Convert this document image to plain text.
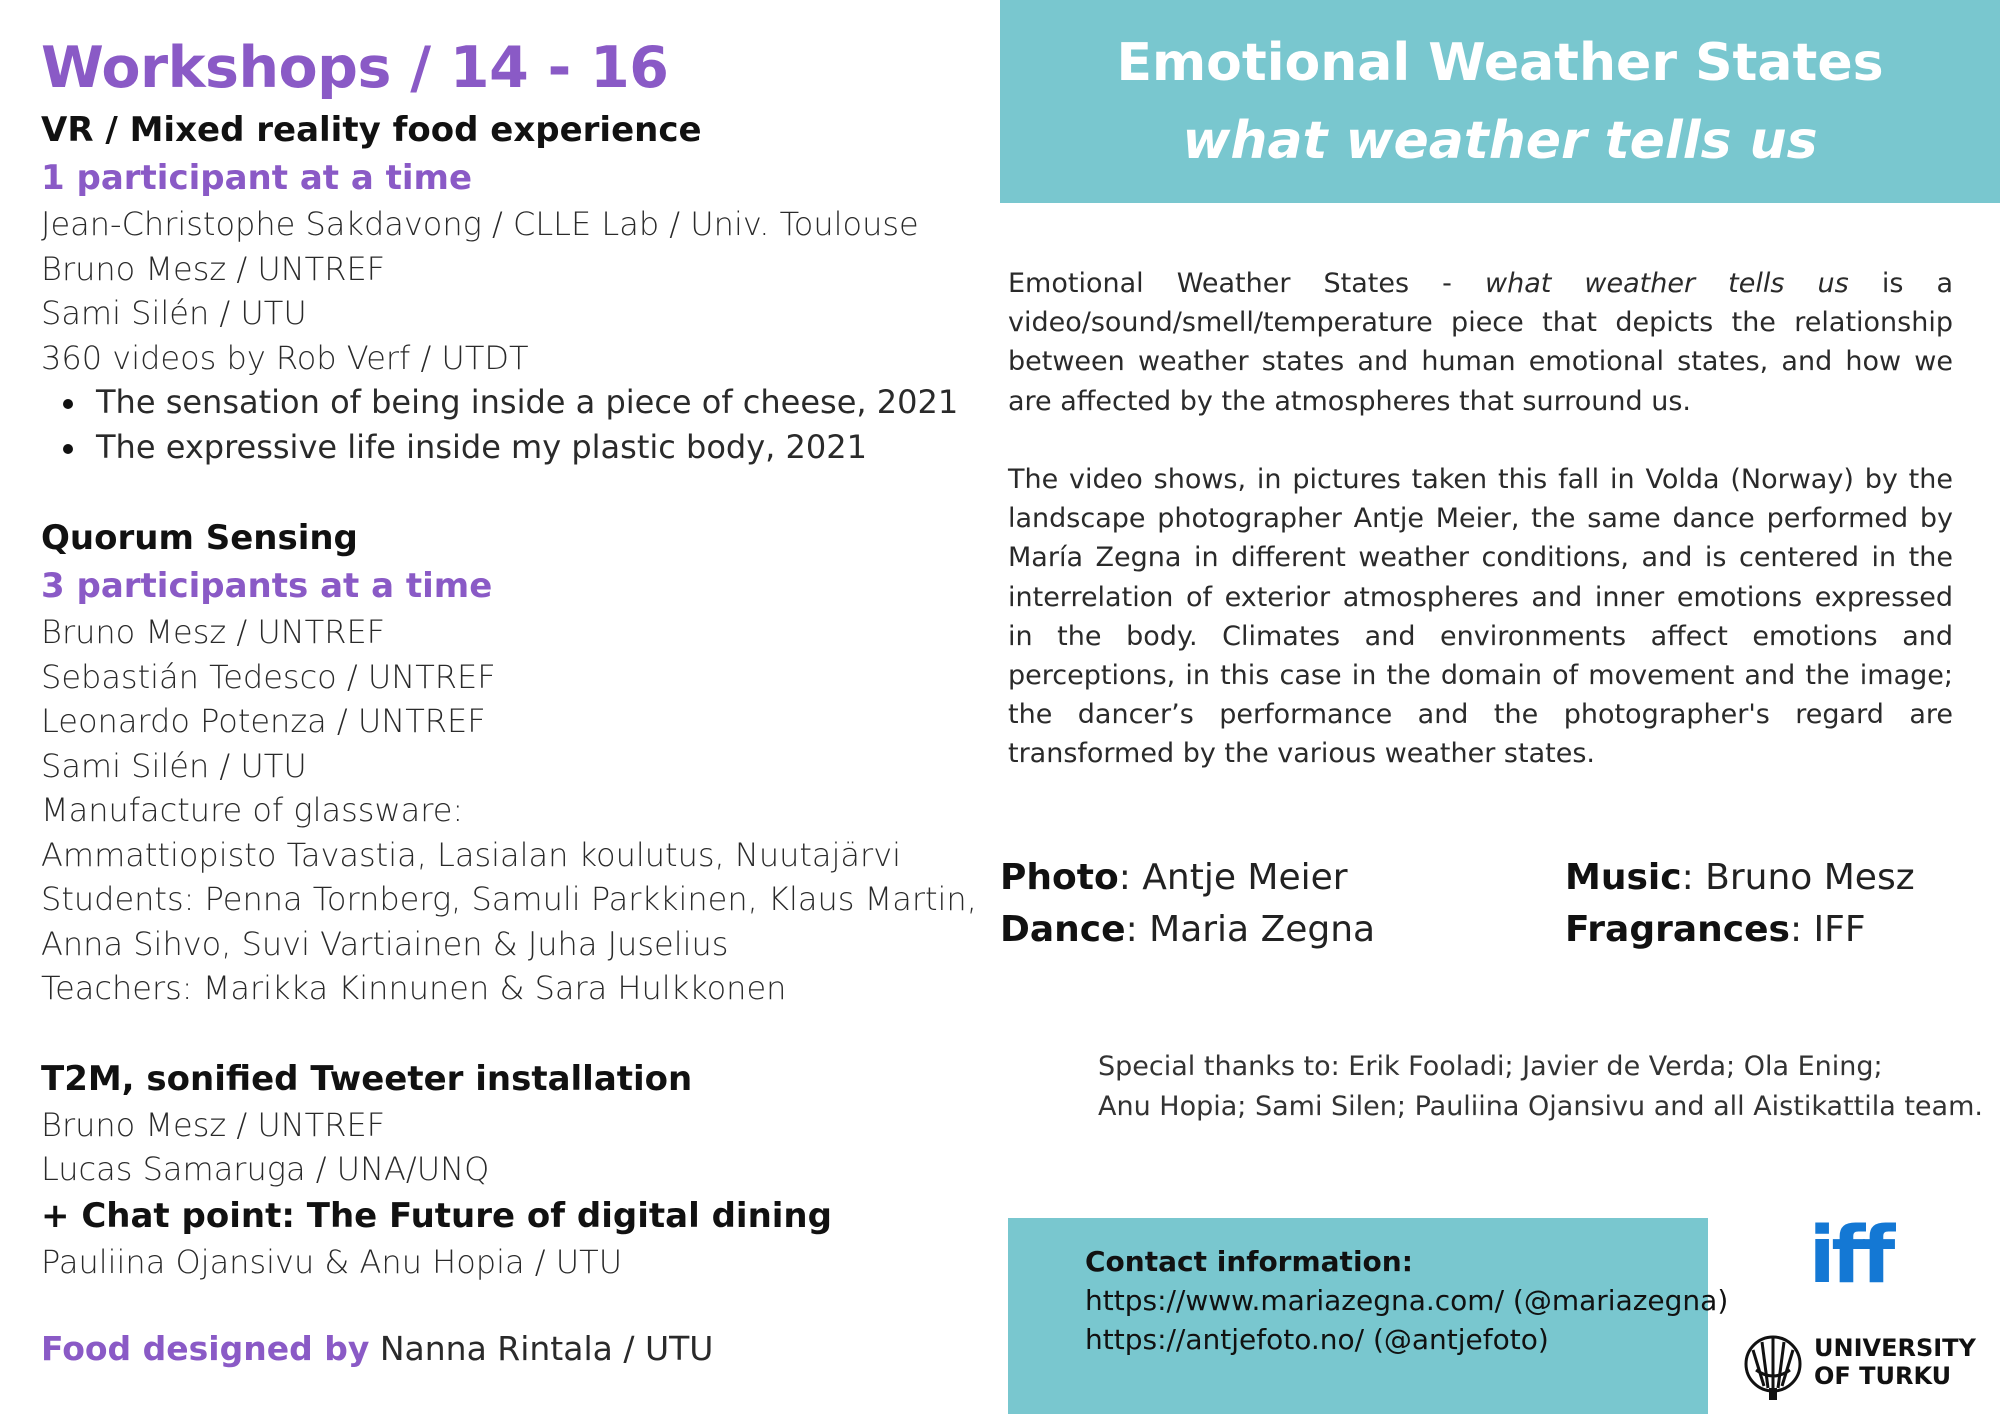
Workshops / 14 - 16
VR / Mixed reality food experience
1 participant at a time
Jean-Christophe Sakdavong / CLLE Lab / Univ. Toulouse
Bruno Mesz / UNTREF
Sami Silén / UTU
360 videos by Rob Verf / UTDT
The sensation of being inside a piece of cheese, 2021
The expressive life inside my plastic body, 2021
Quorum Sensing
3 participants at a time
Bruno Mesz / UNTREF
Sebastián Tedesco / UNTREF
Leonardo Potenza / UNTREF
Sami Silén / UTU
Manufacture of glassware:
Ammattiopisto Tavastia, Lasialan koulutus, Nuutajärvi
Students: Penna Tornberg, Samuli Parkkinen, Klaus Martin,
Anna Sihvo, Suvi Vartiainen & Juha Juselius
Teachers: Marikka Kinnunen & Sara Hulkkonen
T2M, sonified Tweeter installation
Bruno Mesz / UNTREF
Lucas Samaruga / UNA/UNQ
+ Chat point: The Future of digital dining
Pauliina Ojansivu & Anu Hopia / UTU
Food designed by Nanna Rintala / UTU
Emotional Weather States
what weather tells us

Emotional Weather States - what weather tells us is a video/sound/smell/temperature piece that depicts the relationship between weather states and human emotional states, and how we are affected by the atmospheres that surround us.

The video shows, in pictures taken this fall in Volda (Norway) by the landscape photographer Antje Meier, the same dance performed by María Zegna in different weather conditions, and is centered in the interrelation of exterior atmospheres and inner emotions expressed in the body. Climates and environments affect emotions and perceptions, in this case in the domain of movement and the image; the dancer’s performance and the photographer's regard are transformed by the various weather states.

Photo: Antje Meier
Dance: Maria Zegna
Music: Bruno Mesz
Fragrances: IFF
Special thanks to: Erik Fooladi; Javier de Verda; Ola Ening;
Anu Hopia; Sami Silen; Pauliina Ojansivu and all Aistikattila team.
Contact information:
https://www.mariazegna.com/ (@mariazegna)
https://antjefoto.no/ (@antjefoto)
iff
UNIVERSITY
OF TURKU
